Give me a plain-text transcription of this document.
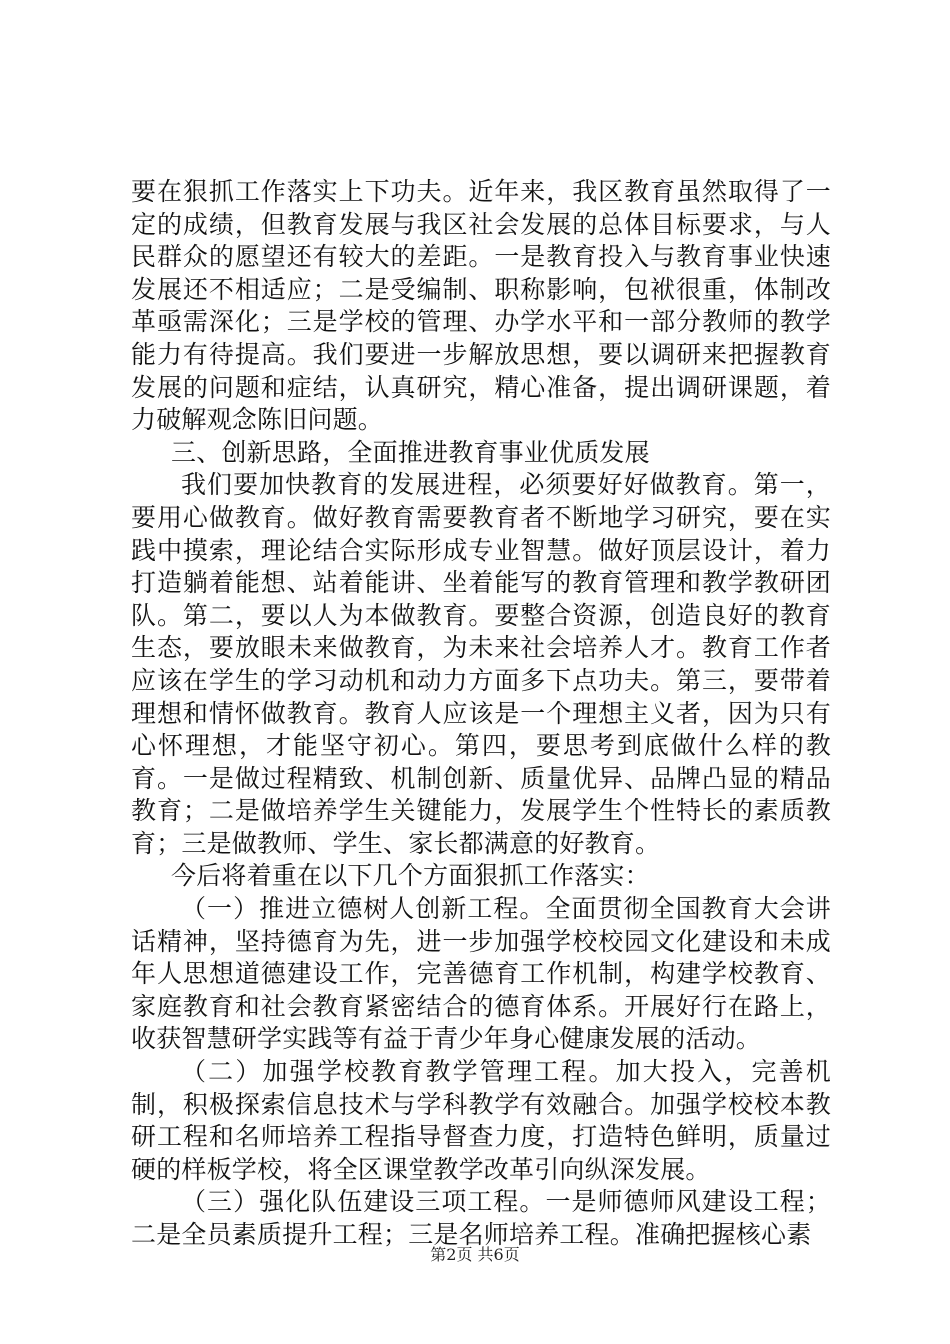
要在狠抓工作落实上下功夫。近年来，我区教育虽然取得了一定的成绩，但教育发展与我区社会发展的总体目标要求，与人民群众的愿望还有较大的差距。一是教育投入与教育事业快速发展还不相适应；二是受编制、职称影响，包袱很重，体制改革亟需深化；三是学校的管理、办学水平和一部分教师的教学能力有待提高。我们要进一步解放思想，要以调研来把握教育发展的问题和症结，认真研究，精心准备，提出调研课题，着力破解观念陈旧问题。

三、创新思路，全面推进教育事业优质发展

我们要加快教育的发展进程，必须要好好做教育。第一，要用心做教育。做好教育需要教育者不断地学习研究，要在实践中摸索，理论结合实际形成专业智慧。做好顶层设计，着力打造躺着能想、站着能讲、坐着能写的教育管理和教学教研团队。第二，要以人为本做教育。要整合资源，创造良好的教育生态，要放眼未来做教育，为未来社会培养人才。教育工作者应该在学生的学习动机和动力方面多下点功夫。第三，要带着理想和情怀做教育。教育人应该是一个理想主义者，因为只有心怀理想，才能坚守初心。第四，要思考到底做什么样的教育。一是做过程精致、机制创新、质量优异、品牌凸显的精品教育；二是做培养学生关键能力，发展学生个性特长的素质教育；三是做教师、学生、家长都满意的好教育。

今后将着重在以下几个方面狠抓工作落实：

（一）推进立德树人创新工程。全面贯彻全国教育大会讲话精神，坚持德育为先，进一步加强学校校园文化建设和未成年人思想道德建设工作，完善德育工作机制，构建学校教育、家庭教育和社会教育紧密结合的德育体系。开展好行在路上，收获智慧研学实践等有益于青少年身心健康发展的活动。

（二）加强学校教育教学管理工程。加大投入，完善机制，积极探索信息技术与学科教学有效融合。加强学校校本教研工程和名师培养工程指导督查力度，打造特色鲜明，质量过硬的样板学校，将全区课堂教学改革引向纵深发展。

（三）强化队伍建设三项工程。一是师德师风建设工程；二是全员素质提升工程；三是名师培养工程。准确把握核心素

第2页 共6页
